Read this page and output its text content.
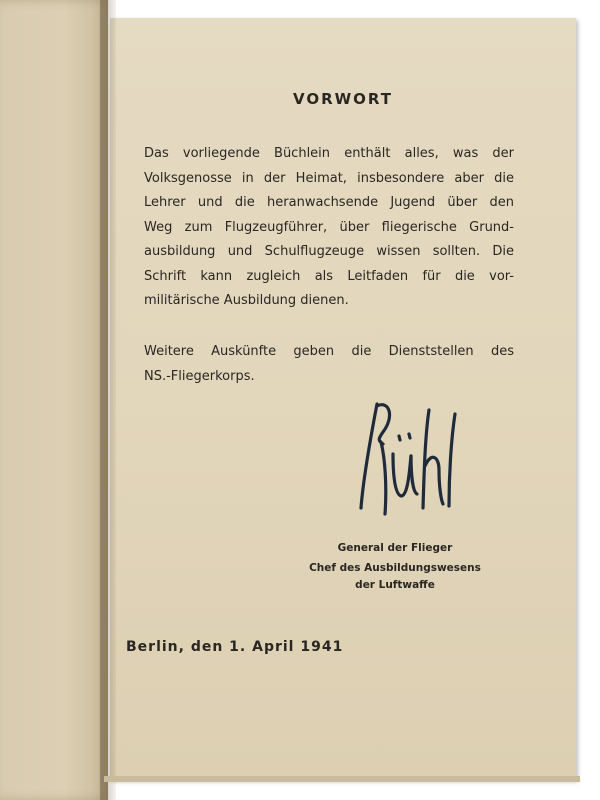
VORWORT
Das vorliegende Büchlein enthält alles, was der
Volksgenosse in der Heimat, insbesondere aber die
Lehrer und die heranwachsende Jugend über den
Weg zum Flugzeugführer, über fliegerische Grund-
ausbildung und Schulflugzeuge wissen sollten. Die
Schrift kann zugleich als Leitfaden für die vor-
militärische Ausbildung dienen.
Weitere Auskünfte geben die Dienststellen des
NS.-Fliegerkorps.
General der Flieger
Chef des Ausbildungswesens
der Luftwaffe
Berlin, den 1. April 1941
